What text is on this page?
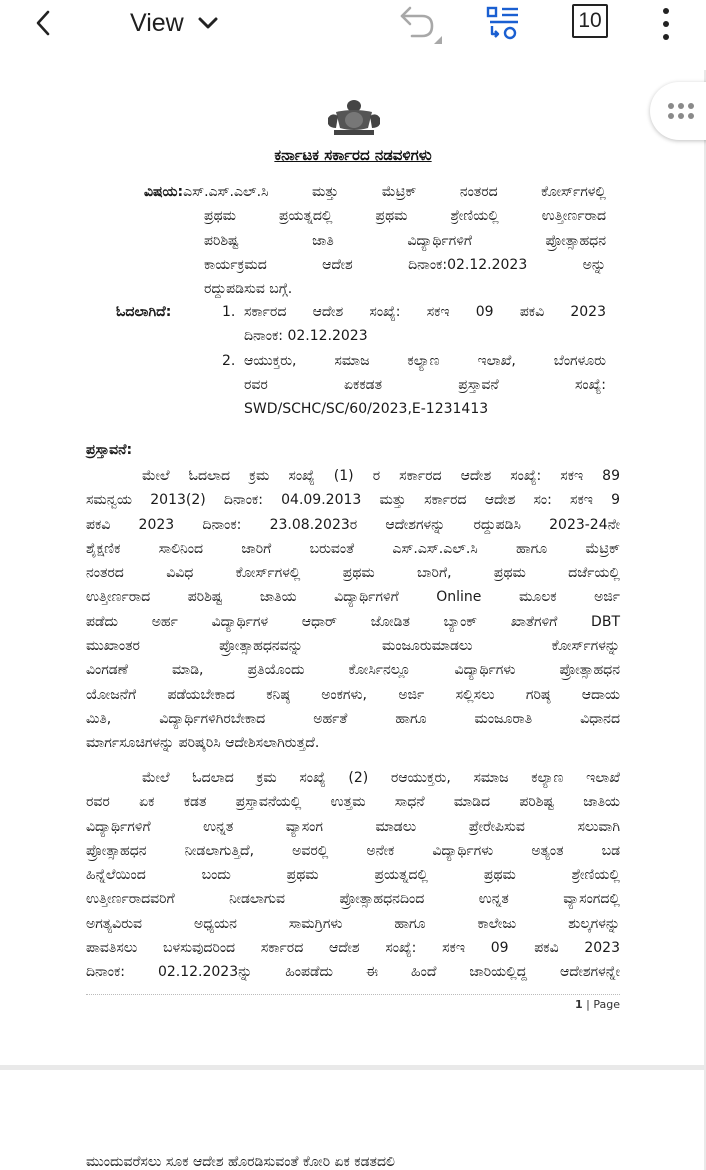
View	10
ಕರ್ನಾಟಕ ಸರ್ಕಾರದ ನಡವಳಿಗಳು
ವಿಷಯ:ಎಸ್.ಎಸ್.ಎಲ್.ಸಿ ಮತ್ತು ಮೆಟ್ರಿಕ್ ನಂತರದ ಕೋರ್ಸ್‌ಗಳಲ್ಲಿ
ಪ್ರಥಮ ಪ್ರಯತ್ನದಲ್ಲಿ ಪ್ರಥಮ ಶ್ರೇಣಿಯಲ್ಲಿ ಉತ್ತೀರ್ಣರಾದ
ಪರಿಶಿಷ್ಟ ಜಾತಿ ವಿದ್ಯಾರ್ಥಿಗಳಿಗೆ ಪ್ರೋತ್ಸಾಹಧನ
ಕಾರ್ಯಕ್ರಮದ ಆದೇಶ ದಿನಾಂಕ:02.12.2023 ಅನ್ನು
ರದ್ದುಪಡಿಸುವ ಬಗ್ಗೆ.
ಓದಲಾಗಿದೆ:	1. ಸರ್ಕಾರದ ಆದೇಶ ಸಂಖ್ಯೆ: ಸಕಇ 09 ಪಕವಿ 2023
ದಿನಾಂಕ: 02.12.2023
2. ಆಯುಕ್ತರು, ಸಮಾಜ ಕಲ್ಯಾಣ ಇಲಾಖೆ, ಬೆಂಗಳೂರು
ರವರ ಏಕಕಡತ ಪ್ರಸ್ತಾವನೆ ಸಂಖ್ಯೆ:
SWD/SCHC/SC/60/2023,E-1231413
ಪ್ರಸ್ತಾವನೆ:
ಮೇಲೆ ಓದಲಾದ ಕ್ರಮ ಸಂಖ್ಯೆ (1) ರ ಸರ್ಕಾರದ ಆದೇಶ ಸಂಖ್ಯೆ: ಸಕಇ 89
ಸಮನ್ವಯ 2013(2) ದಿನಾಂಕ: 04.09.2013 ಮತ್ತು ಸರ್ಕಾರದ ಆದೇಶ ಸಂ: ಸಕಇ 9
ಪಕವಿ 2023 ದಿನಾಂಕ: 23.08.2023ರ ಆದೇಶಗಳನ್ನು ರದ್ದುಪಡಿಸಿ 2023-24ನೇ
ಶೈಕ್ಷಣಿಕ ಸಾಲಿನಿಂದ ಜಾರಿಗೆ ಬರುವಂತೆ ಎಸ್.ಎಸ್.ಎಲ್.ಸಿ ಹಾಗೂ ಮೆಟ್ರಿಕ್
ನಂತರದ ವಿವಿಧ ಕೋರ್ಸ್‌ಗಳಲ್ಲಿ ಪ್ರಥಮ ಬಾರಿಗೆ, ಪ್ರಥಮ ದರ್ಜೆಯಲ್ಲಿ
ಉತ್ತೀರ್ಣರಾದ ಪರಿಶಿಷ್ಟ ಜಾತಿಯ ವಿದ್ಯಾರ್ಥಿಗಳಿಗೆ Online ಮೂಲಕ ಅರ್ಜಿ
ಪಡೆದು ಅರ್ಹ ವಿದ್ಯಾರ್ಥಿಗಳ ಆಧಾರ್ ಜೋಡಿತ ಬ್ಯಾಂಕ್ ಖಾತೆಗಳಿಗೆ DBT
ಮುಖಾಂತರ ಪ್ರೋತ್ಸಾಹಧನವನ್ನು ಮಂಜೂರುಮಾಡಲು ಕೋರ್ಸ್‌ಗಳನ್ನು
ವಿಂಗಡಣೆ ಮಾಡಿ, ಪ್ರತಿಯೊಂದು ಕೋರ್ಸಿನಲ್ಲೂ ವಿದ್ಯಾರ್ಥಿಗಳು ಪ್ರೋತ್ಸಾಹಧನ
ಯೋಜನೆಗೆ ಪಡೆಯಬೇಕಾದ ಕನಿಷ್ಠ ಅಂಕಗಳು, ಅರ್ಜಿ ಸಲ್ಲಿಸಲು ಗರಿಷ್ಠ ಆದಾಯ
ಮಿತಿ, ವಿದ್ಯಾರ್ಥಿಗಳಿಗಿರಬೇಕಾದ ಅರ್ಹತೆ ಹಾಗೂ ಮಂಜೂರಾತಿ ವಿಧಾನದ
ಮಾರ್ಗಸೂಚಿಗಳನ್ನು ಪರಿಷ್ಕರಿಸಿ ಆದೇಶಿಸಲಾಗಿರುತ್ತದೆ.
ಮೇಲೆ ಓದಲಾದ ಕ್ರಮ ಸಂಖ್ಯೆ (2) ರಆಯುಕ್ತರು, ಸಮಾಜ ಕಲ್ಯಾಣ ಇಲಾಖೆ
ರವರ ಏಕ ಕಡತ ಪ್ರಸ್ತಾವನೆಯಲ್ಲಿ ಉತ್ತಮ ಸಾಧನೆ ಮಾಡಿದ ಪರಿಶಿಷ್ಟ ಜಾತಿಯ
ವಿದ್ಯಾರ್ಥಿಗಳಿಗೆ ಉನ್ನತ ವ್ಯಾಸಂಗ ಮಾಡಲು ಪ್ರೇರೇಪಿಸುವ ಸಲುವಾಗಿ
ಪ್ರೋತ್ಸಾಹಧನ ನೀಡಲಾಗುತ್ತಿದೆ, ಅವರಲ್ಲಿ ಅನೇಕ ವಿದ್ಯಾರ್ಥಿಗಳು ಅತ್ಯಂತ ಬಡ
ಹಿನ್ನೆಲೆಯಿಂದ ಬಂದು ಪ್ರಥಮ ಪ್ರಯತ್ನದಲ್ಲಿ ಪ್ರಥಮ ಶ್ರೇಣಿಯಲ್ಲಿ
ಉತ್ತೀರ್ಣರಾದವರಿಗೆ ನೀಡಲಾಗುವ ಪ್ರೋತ್ಸಾಹಧನದಿಂದ ಉನ್ನತ ವ್ಯಾಸಂಗದಲ್ಲಿ
ಅಗತ್ಯವಿರುವ ಅಧ್ಯಯನ ಸಾಮಗ್ರಿಗಳು ಹಾಗೂ ಕಾಲೇಜು ಶುಲ್ಕಗಳನ್ನು
ಪಾವತಿಸಲು ಬಳಸುವುದರಿಂದ ಸರ್ಕಾರದ ಆದೇಶ ಸಂಖ್ಯೆ: ಸಕಇ 09 ಪಕವಿ 2023
ದಿನಾಂಕ: 02.12.2023ನ್ನು ಹಿಂಪಡೆದು ಈ ಹಿಂದೆ ಜಾರಿಯಲ್ಲಿದ್ದ ಆದೇಶಗಳನ್ನೇ
1 | Page
ಮುಂದುವರೆಸಲು ಸೂಕ ಆದೇಶ ಹೊರಡಿಸುವಂತೆ ಕೋರಿ ಏಕ ಕಡತದಲಿ
